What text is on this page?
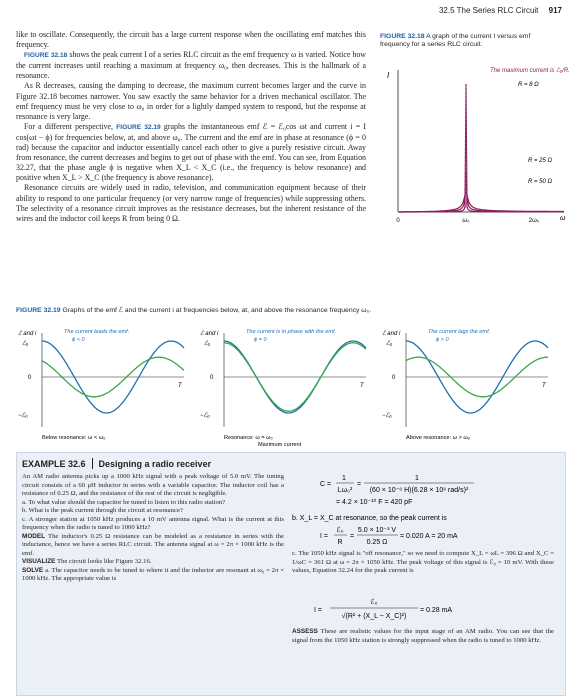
32.5 The Series RLC Circuit 917

like to oscillate. Consequently, the circuit has a large current response when the oscillating emf matches this frequency.

FIGURE 32.18 shows the peak current I of a series RLC circuit as the emf frequency ω is varied. Notice how the current increases until reaching a maximum at frequency ω₀, then decreases. This is the hallmark of a resonance.

As R decreases, causing the damping to decrease, the maximum current becomes larger and the curve in Figure 32.18 becomes narrower. You saw exactly the same behavior for a driven mechanical oscillator. The emf frequency must be very close to ω₀ in order for a lightly damped system to respond, but the response at resonance is very large.

For a different perspective, FIGURE 32.19 graphs the instantaneous emf ℰ = ℰ₀cos ωt and current i = I cos(ωt − ϕ) for frequencies below, at, and above ω₀. The current and the emf are in phase at resonance (ϕ = 0 rad) because the capacitor and inductor essentially cancel each other to give a purely resistive circuit. Away from resonance, the current decreases and begins to get out of phase with the emf. You can see, from Equation 32.27, that the phase angle ϕ is negative when X_L < X_C (i.e., the frequency is below resonance) and positive when X_L > X_C (the frequency is above resonance).

Resonance circuits are widely used in radio, television, and communication equipment because of their ability to respond to one particular frequency (or very narrow range of frequencies) while suppressing others. The selectivity of a resonance circuit improves as the resistance decreases, but the inherent resistance of the wires and the inductor coil keeps R from being 0 Ω.

FIGURE 32.18 A graph of the current I versus emf frequency for a series RLC circuit.
I	The maximum current is ℰ₀/R.
R = 8 Ω
R = 25 Ω
R = 50 Ω
0	ω₀	2ω₀	ω
FIGURE 32.19 Graphs of the emf ℰ and the current i at frequencies below, at, and above the resonance frequency ω₀.
ℰ and i
ℰ₀
0
−ℰ₀
T
The current leads the emf.
ϕ < 0
Below resonance: ω < ω₀
ℰ and i
ℰ₀
0
−ℰ₀
T
The current is in phase with the emf.
ϕ = 0
Resonance: ω = ω₀
Maximum current
ℰ and i
ℰ₀
0
−ℰ₀
T
The current lags the emf.
ϕ > 0
Above resonance: ω > ω₀
EXAMPLE 32.6 Designing a radio receiver

An AM radio antenna picks up a 1000 kHz signal with a peak voltage of 5.0 mV. The tuning circuit consists of a 60 μH inductor in series with a variable capacitor. The inductor coil has a resistance of 0.25 Ω, and the resistance of the rest of the circuit is negligible.

a. To what value should the capacitor be tuned to listen to this radio station?

b. What is the peak current through the circuit at resonance?

c. A stronger station at 1050 kHz produces a 10 mV antenna signal. What is the current at this frequency when the radio is tuned to 1000 kHz?

MODEL The inductor's 0.25 Ω resistance can be modeled as a resistance in series with the inductance, hence we have a series RLC circuit. The antenna signal at ω = 2π × 1000 kHz is the emf.

VISUALIZE The circuit looks like Figure 32.16.

SOLVE a. The capacitor needs to be tuned to where it and the inductor are resonant at ω₀ = 2π × 1000 kHz. The appropriate value is

C =
1
Lω₀²
=
1
(60 × 10⁻⁶ H)(6.28 × 10⁶ rad/s)²
= 4.2 × 10⁻¹⁰ F = 420 pF
b. X_L = X_C at resonance, so the peak current is
I =
ℰ₀
R
=
5.0 × 10⁻³ V
0.25 Ω
= 0.020 A = 20 mA

c. The 1050 kHz signal is "off resonance," so we need to compute X_L = ωL = 396 Ω and X_C = 1/ωC = 361 Ω at ω = 2π × 1050 kHz. The peak voltage of this signal is ℰ₀ = 10 mV. With these values, Equation 32.24 for the peak current is

I =
ℰ₀
√(R² + (X_L − X_C)²)
= 0.28 mA

ASSESS These are realistic values for the input stage of an AM radio. You can see that the signal from the 1050 kHz station is strongly suppressed when the radio is tuned to 1000 kHz.
